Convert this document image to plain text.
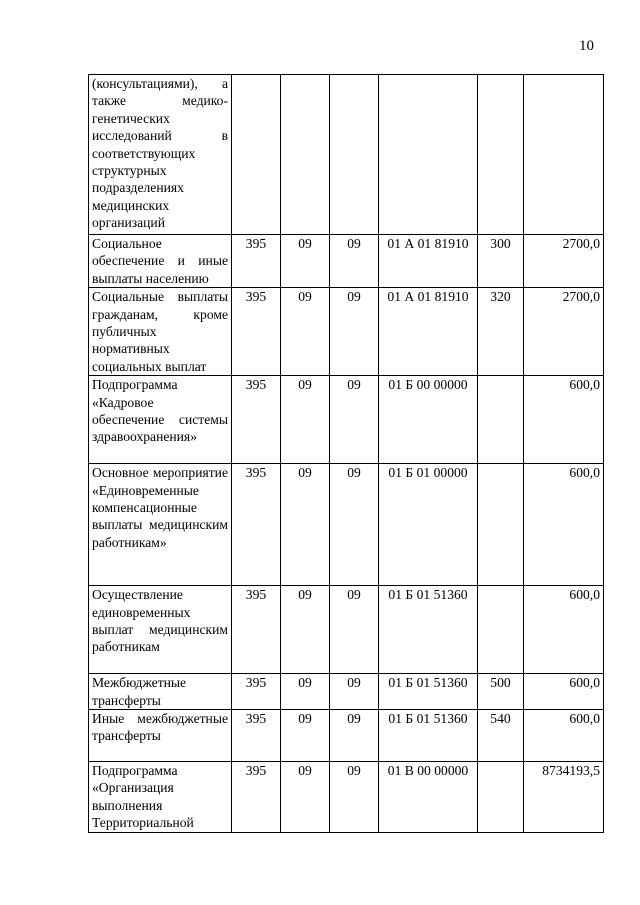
10
(консультациями), а также медико-генетических исследований в соответствующих структурных подразделениях медицинских организаций						
Социальное обеспечение и иные выплаты населению	395	09	09	01 А 01 81910	300	2700,0
Социальные выплаты гражданам, кроме публичных нормативных социальных выплат	395	09	09	01 А 01 81910	320	2700,0
Подпрограмма «Кадровое обеспечение системы здравоохранения»	395	09	09	01 Б 00 00000		600,0
Основное мероприятие «Единовременные компенсационные выплаты медицинским работникам»	395	09	09	01 Б 01 00000		600,0
Осуществление единовременных выплат медицинским работникам	395	09	09	01 Б 01 51360		600,0
Межбюджетные трансферты	395	09	09	01 Б 01 51360	500	600,0
Иные межбюджетные трансферты	395	09	09	01 Б 01 51360	540	600,0
Подпрограмма «Организация выполнения Территориальной	395	09	09	01 В 00 00000		8734193,5
